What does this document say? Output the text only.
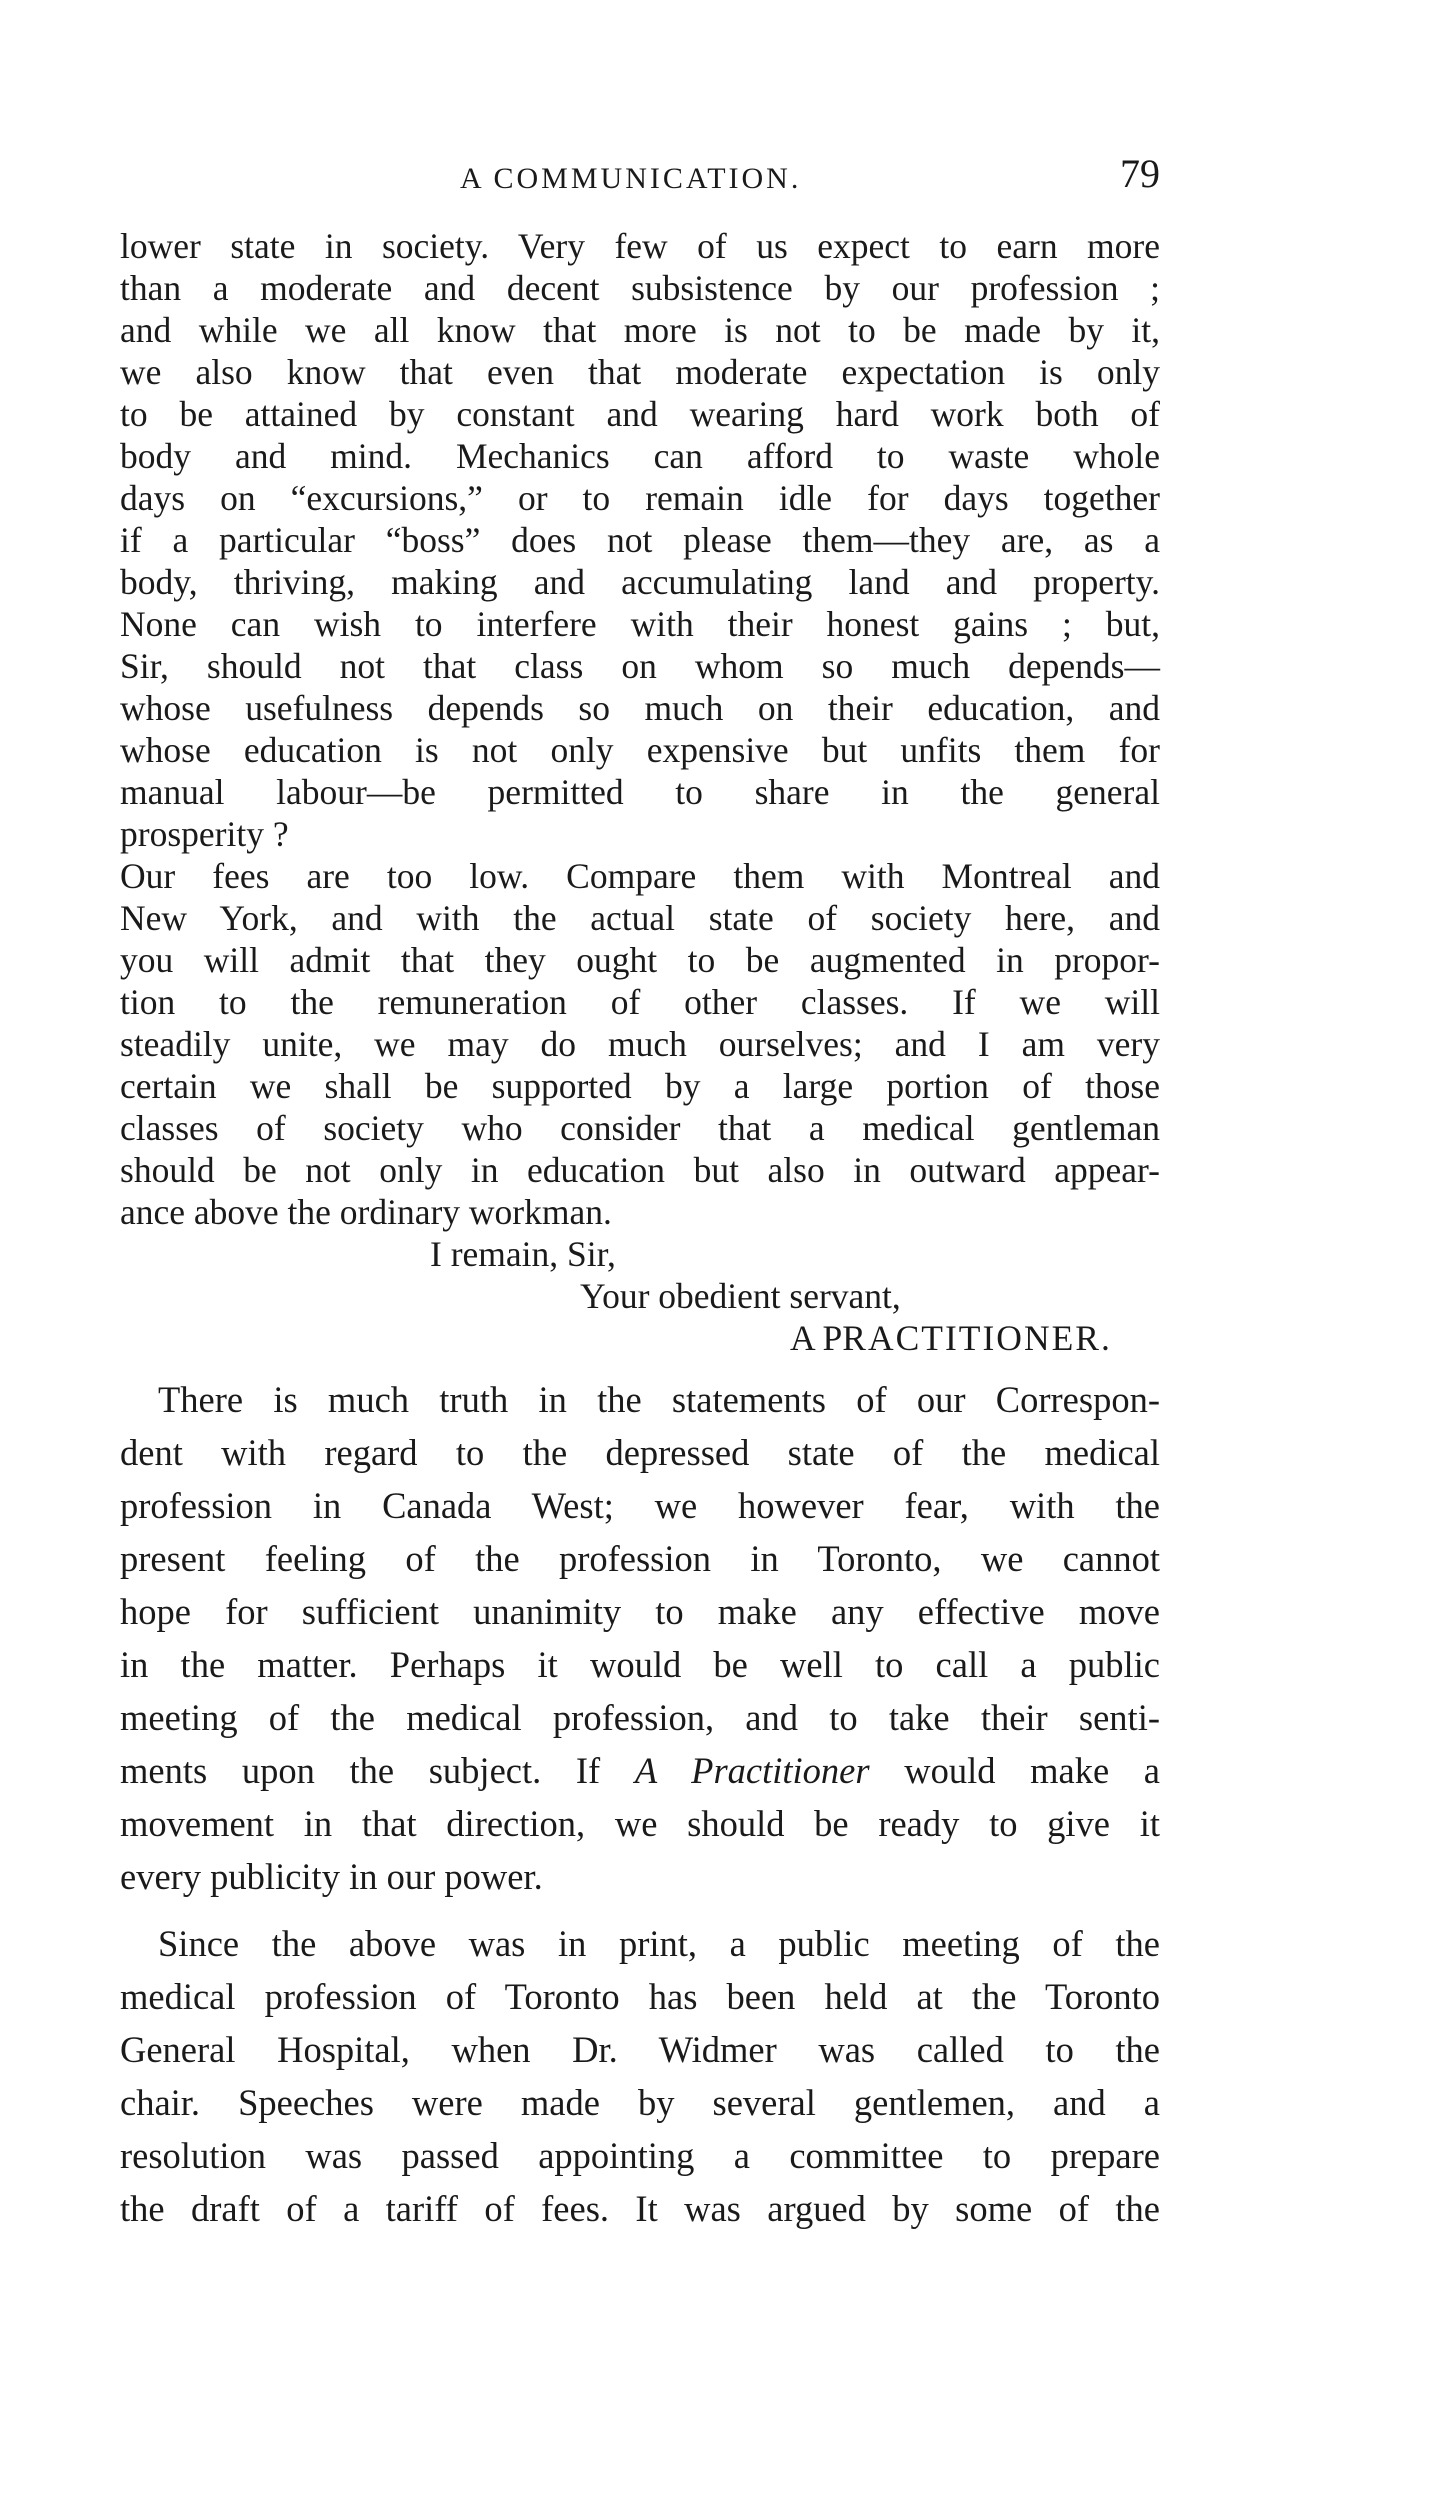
A COMMUNICATION.	79
lower state in society. Very few of us expect to earn more
than a moderate and decent subsistence by our profession ;
and while we all know that more is not to be made by it,
we also know that even that moderate expectation is only
to be attained by constant and wearing hard work both of
body and mind. Mechanics can afford to waste whole
days on “excursions,” or to remain idle for days together
if a particular “boss” does not please them—they are, as a
body, thriving, making and accumulating land and property.
None can wish to interfere with their honest gains ; but,
Sir, should not that class on whom so much depends—
whose usefulness depends so much on their education, and
whose education is not only expensive but unfits them for
manual labour—be permitted to share in the general
prosperity ?
Our fees are too low. Compare them with Montreal and
New York, and with the actual state of society here, and
you will admit that they ought to be augmented in propor-
tion to the remuneration of other classes. If we will
steadily unite, we may do much ourselves; and I am very
certain we shall be supported by a large portion of those
classes of society who consider that a medical gentleman
should be not only in education but also in outward appear-
ance above the ordinary workman.
I remain, Sir,
Your obedient servant,
A PRACTITIONER.
There is much truth in the statements of our Correspon-
dent with regard to the depressed state of the medical
profession in Canada West; we however fear, with the
present feeling of the profession in Toronto, we cannot
hope for sufficient unanimity to make any effective move
in the matter. Perhaps it would be well to call a public
meeting of the medical profession, and to take their senti-
ments upon the subject. If A Practitioner would make a
movement in that direction, we should be ready to give it
every publicity in our power.
Since the above was in print, a public meeting of the
medical profession of Toronto has been held at the Toronto
General Hospital, when Dr. Widmer was called to the
chair. Speeches were made by several gentlemen, and a
resolution was passed appointing a committee to prepare
the draft of a tariff of fees. It was argued by some of the
